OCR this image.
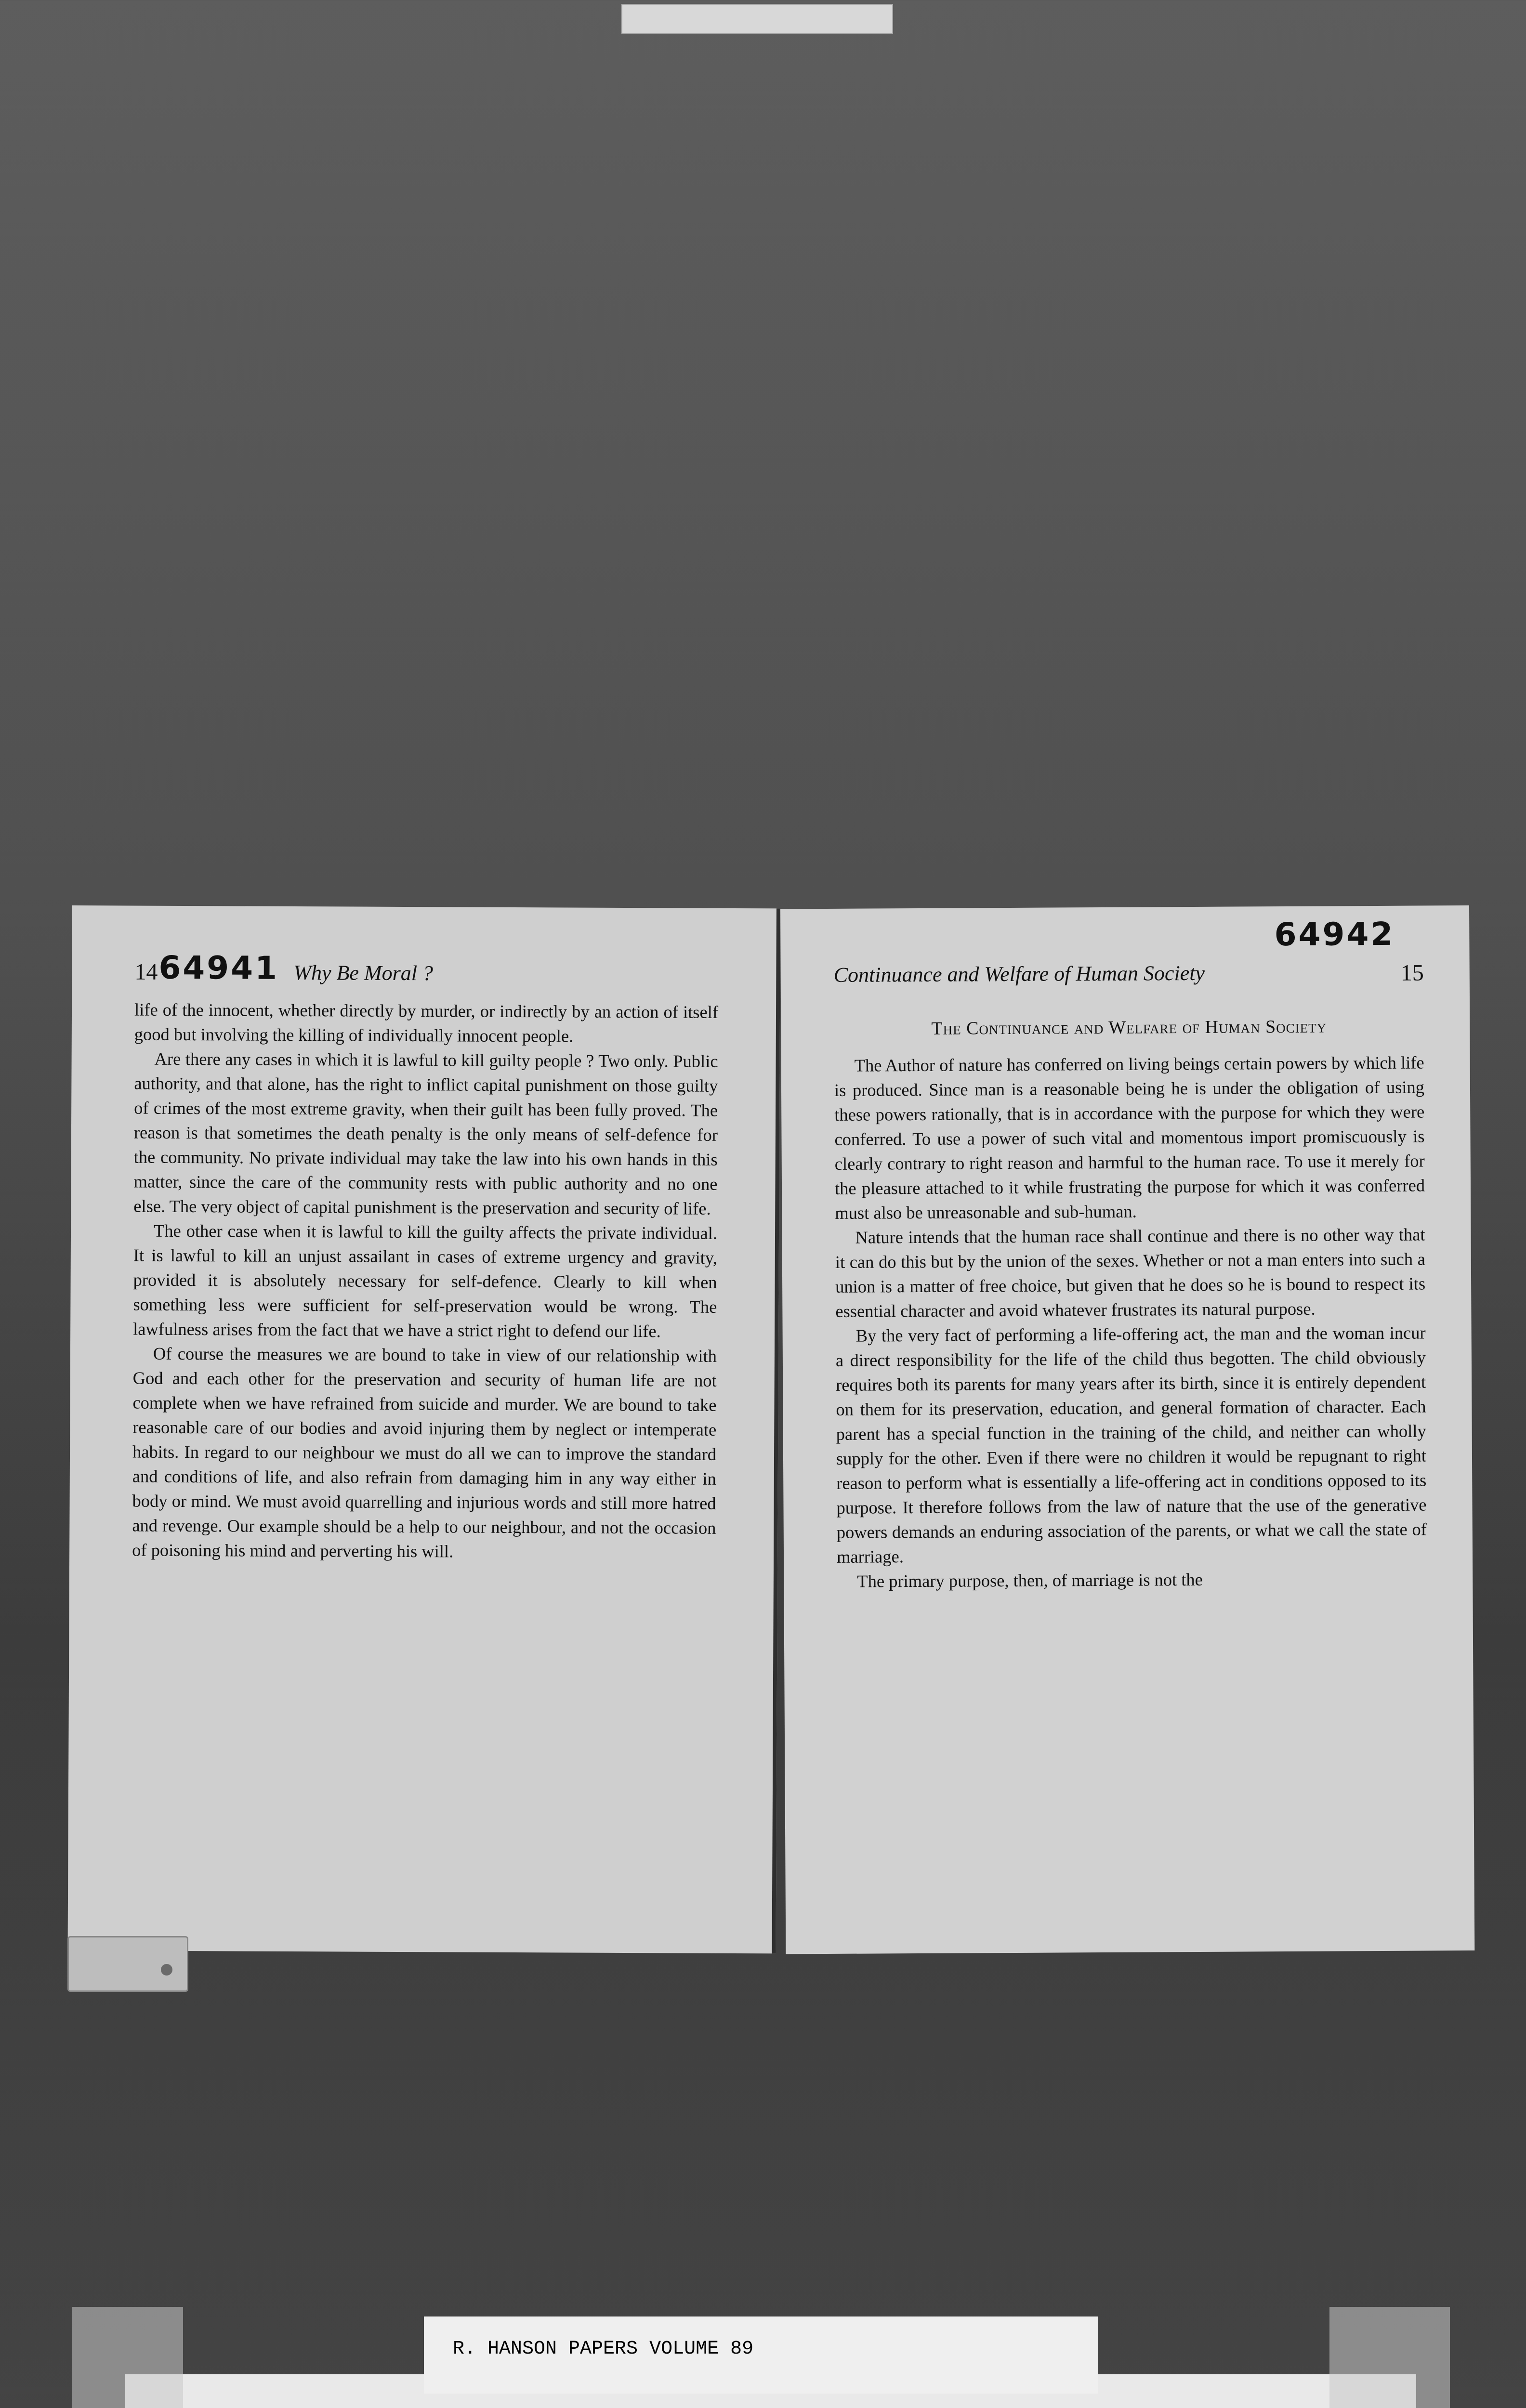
14 64941 Why Be Moral ?

life of the innocent, whether directly by murder, or indirectly by an action of itself good but involving the killing of individually innocent people.

Are there any cases in which it is lawful to kill guilty people ? Two only. Public authority, and that alone, has the right to inflict capital punishment on those guilty of crimes of the most extreme gravity, when their guilt has been fully proved. The reason is that sometimes the death penalty is the only means of self-defence for the community. No private individual may take the law into his own hands in this matter, since the care of the community rests with public authority and no one else. The very object of capital punishment is the preservation and security of life.

The other case when it is lawful to kill the guilty affects the private individual. It is lawful to kill an unjust assailant in cases of extreme urgency and gravity, provided it is absolutely necessary for self-defence. Clearly to kill when something less were sufficient for self-preservation would be wrong. The lawfulness arises from the fact that we have a strict right to defend our life.

Of course the measures we are bound to take in view of our relationship with God and each other for the preservation and security of human life are not complete when we have refrained from suicide and murder. We are bound to take reasonable care of our bodies and avoid injuring them by neglect or intemperate habits. In regard to our neighbour we must do all we can to improve the standard and conditions of life, and also refrain from damaging him in any way either in body or mind. We must avoid quarrelling and injurious words and still more hatred and revenge. Our example should be a help to our neighbour, and not the occasion of poisoning his mind and perverting his will.

64942
Continuance and Welfare of Human Society	15
The Continuance and Welfare of Human Society

The Author of nature has conferred on living beings certain powers by which life is produced. Since man is a reasonable being he is under the obligation of using these powers rationally, that is in accordance with the purpose for which they were conferred. To use a power of such vital and momentous import promiscuously is clearly contrary to right reason and harmful to the human race. To use it merely for the pleasure attached to it while frustrating the purpose for which it was conferred must also be unreasonable and sub-human.

Nature intends that the human race shall continue and there is no other way that it can do this but by the union of the sexes. Whether or not a man enters into such a union is a matter of free choice, but given that he does so he is bound to respect its essential character and avoid whatever frustrates its natural purpose.

By the very fact of performing a life-offering act, the man and the woman incur a direct responsibility for the life of the child thus begotten. The child obviously requires both its parents for many years after its birth, since it is entirely dependent on them for its preservation, education, and general formation of character. Each parent has a special function in the training of the child, and neither can wholly supply for the other. Even if there were no children it would be repugnant to right reason to perform what is essentially a life-offering act in conditions opposed to its purpose. It therefore follows from the law of nature that the use of the generative powers demands an enduring association of the parents, or what we call the state of marriage.

The primary purpose, then, of marriage is not the

R. HANSON PAPERS VOLUME 89
